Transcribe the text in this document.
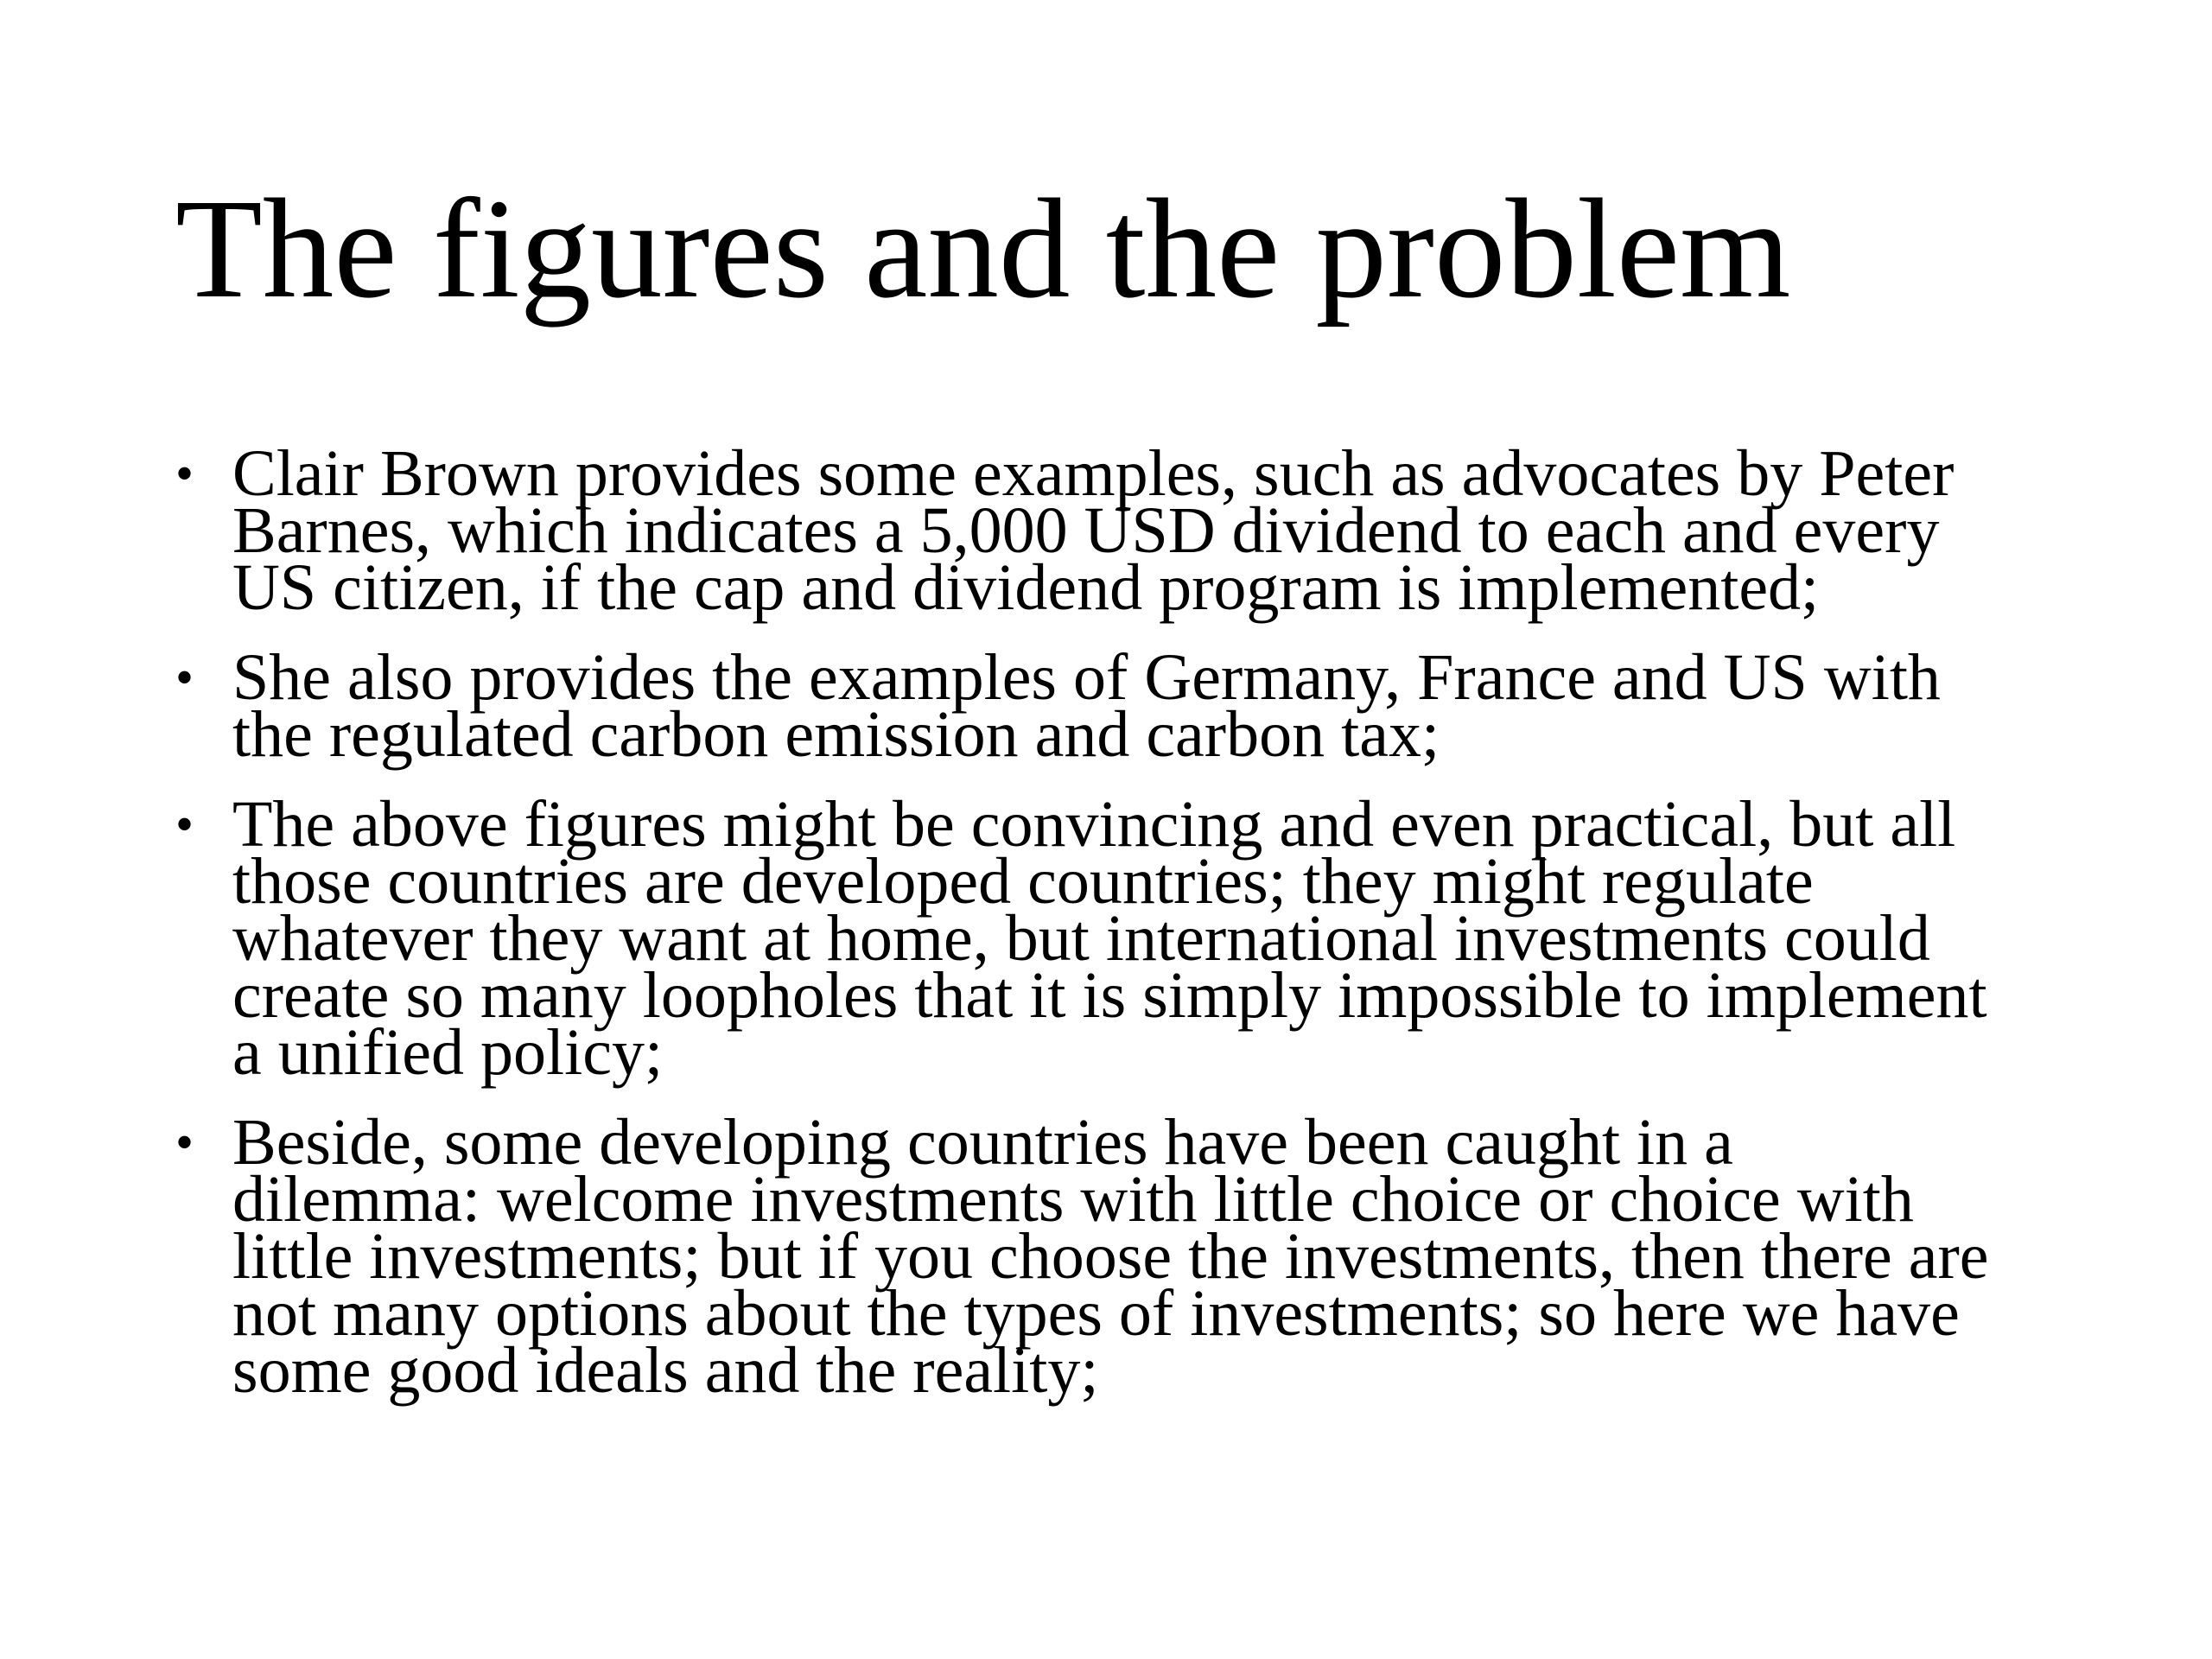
The figures and the problem
• Clair Brown provides some examples, such as advocates by Peter
Barnes, which indicates a 5,000 USD dividend to each and every
US citizen, if the cap and dividend program is implemented;
• She also provides the examples of Germany, France and US with
the regulated carbon emission and carbon tax;
• The above figures might be convincing and even practical, but all
those countries are developed countries; they might regulate
whatever they want at home, but international investments could
create so many loopholes that it is simply impossible to implement
a unified policy;
• Beside, some developing countries have been caught in a
dilemma: welcome investments with little choice or choice with
little investments; but if you choose the investments, then there are
not many options about the types of investments; so here we have
some good ideals and the reality;
